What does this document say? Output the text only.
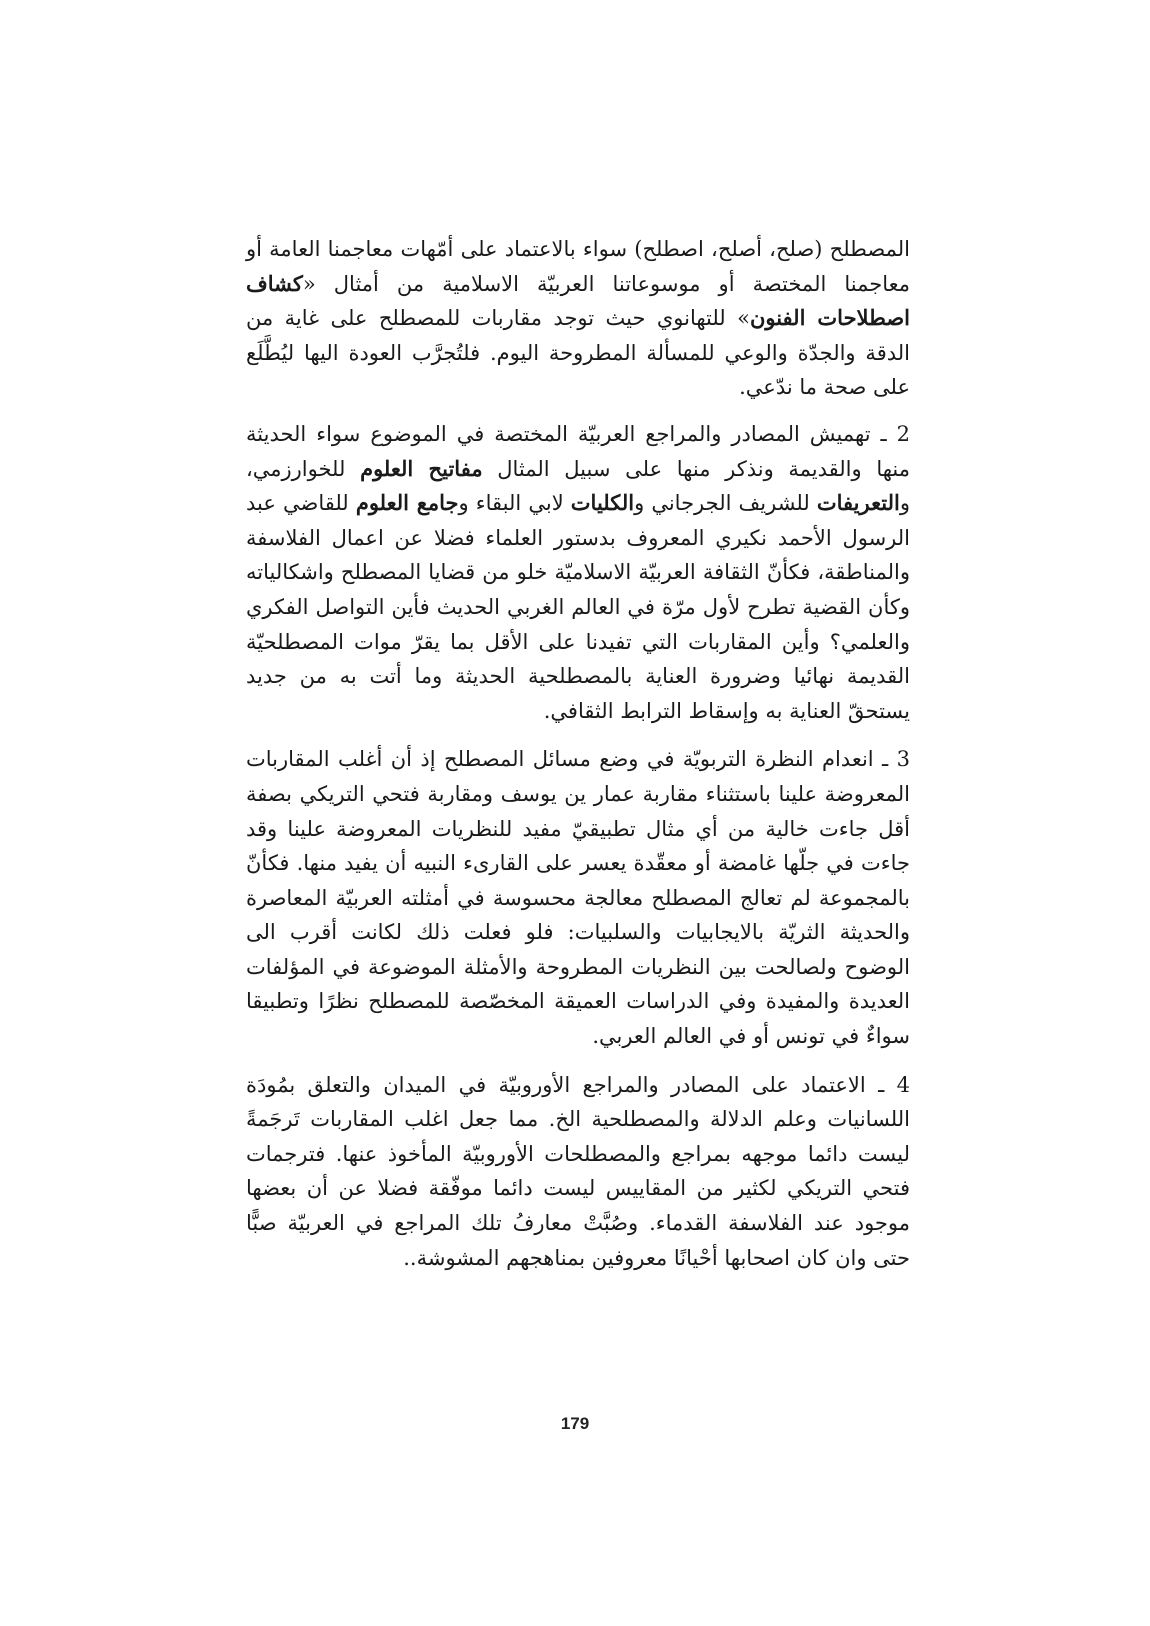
المصطلح (صلح، أصلح، اصطلح) سواء بالاعتماد على أمّهات معاجمنا العامة أو معاجمنا المختصة أو موسوعاتنا العربيّة الاسلامية من أمثال «كشاف اصطلاحات الفنون» للتهانوي حيث توجد مقاربات للمصطلح على غاية من الدقة والجدّة والوعي للمسألة المطروحة اليوم. فلتُجرَّب العودة اليها ليُطَّلَع على صحة ما ندّعي.

2 ـ تهميش المصادر والمراجع العربيّة المختصة في الموضوع سواء الحديثة منها والقديمة ونذكر منها على سبيل المثال مفاتيح العلوم للخوارزمي، والتعريفات للشريف الجرجاني والكليات لابي البقاء وجامع العلوم للقاضي عبد الرسول الأحمد نكيري المعروف بدستور العلماء فضلا عن اعمال الفلاسفة والمناطقة، فكأنّ الثقافة العربيّة الاسلاميّة خلو من قضايا المصطلح واشكالياته وكأن القضية تطرح لأول مرّة في العالم الغربي الحديث فأين التواصل الفكري والعلمي؟ وأين المقاربات التي تفيدنا على الأقل بما يقرّ موات المصطلحيّة القديمة نهائيا وضرورة العناية بالمصطلحية الحديثة وما أتت به من جديد يستحقّ العناية به وإسقاط الترابط الثقافي.

3 ـ انعدام النظرة التربويّة في وضع مسائل المصطلح إذ أن أغلب المقاربات المعروضة علينا باستثناء مقاربة عمار ين يوسف ومقاربة فتحي التريكي بصفة أقل جاءت خالية من أي مثال تطبيقيّ مفيد للنظريات المعروضة علينا وقد جاءت في جلّها غامضة أو معقّدة يعسر على القارىء النبيه أن يفيد منها. فكأنّ بالمجموعة لم تعالج المصطلح معالجة محسوسة في أمثلته العربيّة المعاصرة والحديثة الثريّة بالايجابيات والسلبيات: فلو فعلت ذلك لكانت أقرب الى الوضوح ولصالحت بين النظريات المطروحة والأمثلة الموضوعة في المؤلفات العديدة والمفيدة وفي الدراسات العميقة المخصّصة للمصطلح نظرًا وتطبيقا سواءٌ في تونس أو في العالم العربي.

4 ـ الاعتماد على المصادر والمراجع الأوروبيّة في الميدان والتعلق بمُودَة اللسانيات وعلم الدلالة والمصطلحية الخ. مما جعل اغلب المقاربات تَرجَمةً ليست دائما موجهه بمراجع والمصطلحات الأوروبيّة المأخوذ عنها. فترجمات فتحي التريكي لكثير من المقاييس ليست دائما موفّقة فضلا عن أن بعضها موجود عند الفلاسفة القدماء. وصُبَّتْ معارفُ تلك المراجع في العربيّة صبًّا حتى وان كان اصحابها أحْيانًا معروفين بمناهجهم المشوشة..

179
